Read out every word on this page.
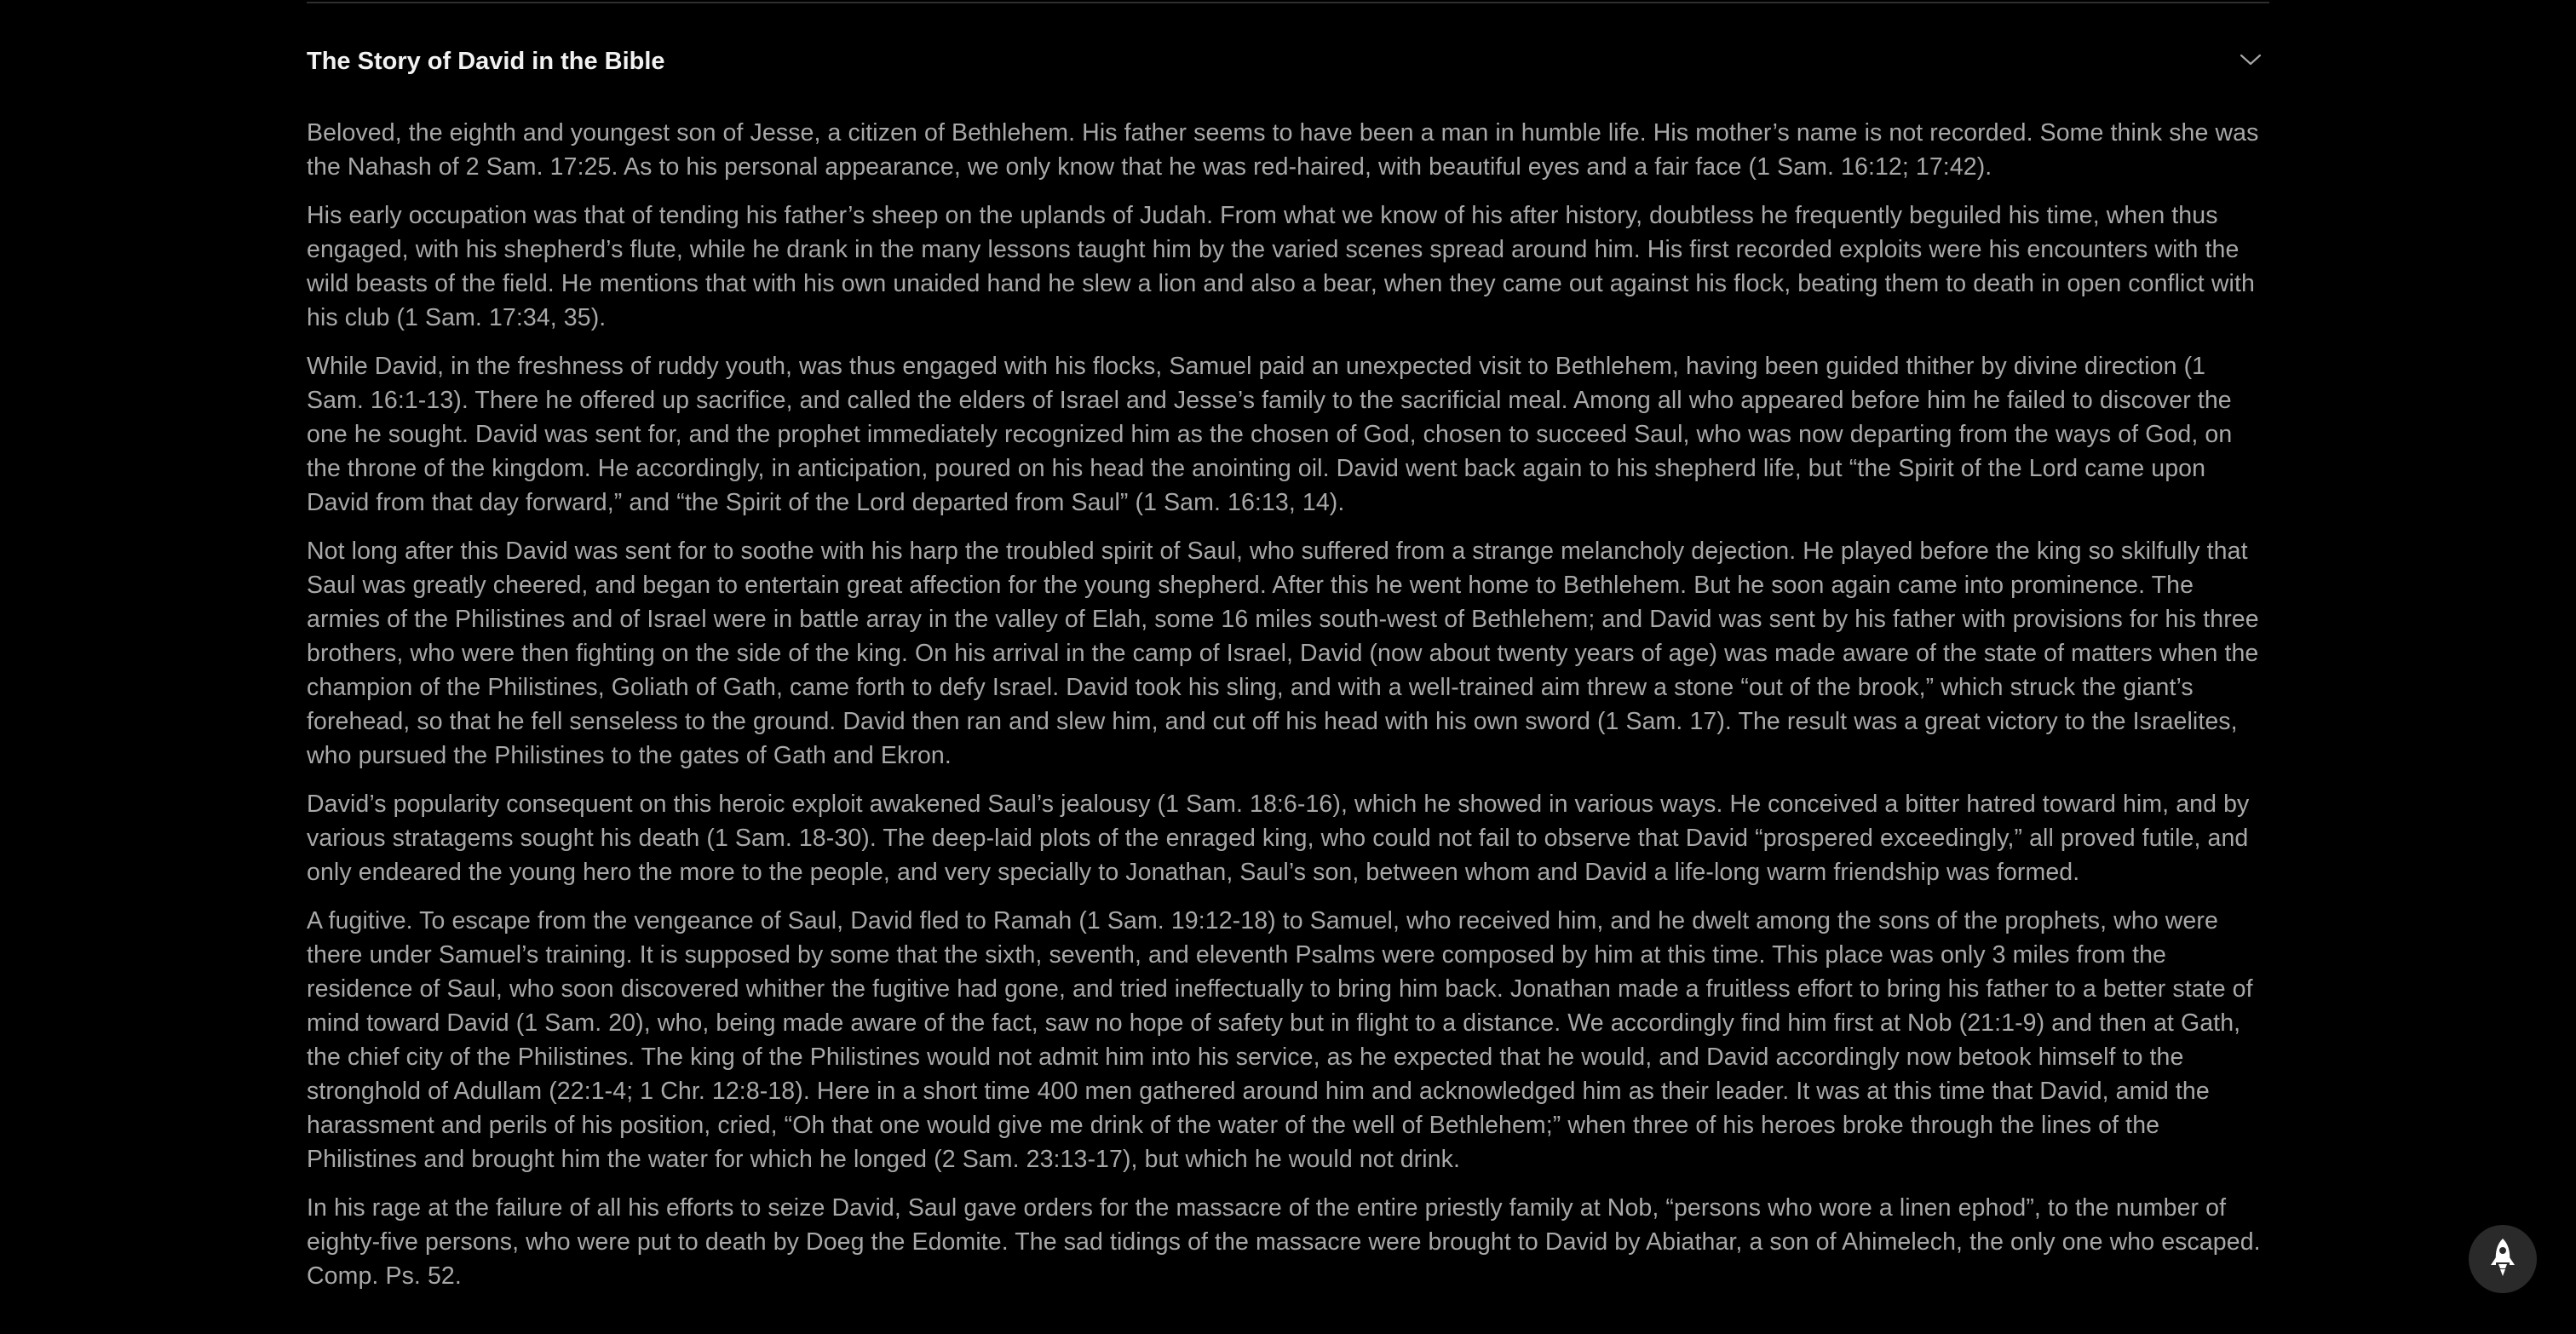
The Story of David in the Bible

Beloved, the eighth and youngest son of Jesse, a citizen of Bethlehem. His father seems to have been a man in humble life. His mother’s name is not recorded. Some think she was the Nahash of 2 Sam. 17:25. As to his personal appearance, we only know that he was red-haired, with beautiful eyes and a fair face (1 Sam. 16:12; 17:42).

His early occupation was that of tending his father’s sheep on the uplands of Judah. From what we know of his after history, doubtless he frequently beguiled his time, when thus engaged, with his shepherd’s flute, while he drank in the many lessons taught him by the varied scenes spread around him. His first recorded exploits were his encounters with the wild beasts of the field. He mentions that with his own unaided hand he slew a lion and also a bear, when they came out against his flock, beating them to death in open conflict with his club (1 Sam. 17:34, 35).

While David, in the freshness of ruddy youth, was thus engaged with his flocks, Samuel paid an unexpected visit to Bethlehem, having been guided thither by divine direction (1 Sam. 16:1-13). There he offered up sacrifice, and called the elders of Israel and Jesse’s family to the sacrificial meal. Among all who appeared before him he failed to discover the one he sought. David was sent for, and the prophet immediately recognized him as the chosen of God, chosen to succeed Saul, who was now departing from the ways of God, on the throne of the kingdom. He accordingly, in anticipation, poured on his head the anointing oil. David went back again to his shepherd life, but “the Spirit of the Lord came upon David from that day forward,” and “the Spirit of the Lord departed from Saul” (1 Sam. 16:13, 14).

Not long after this David was sent for to soothe with his harp the troubled spirit of Saul, who suffered from a strange melancholy dejection. He played before the king so skilfully that Saul was greatly cheered, and began to entertain great affection for the young shepherd. After this he went home to Bethlehem. But he soon again came into prominence. The armies of the Philistines and of Israel were in battle array in the valley of Elah, some 16 miles south-west of Bethlehem; and David was sent by his father with provisions for his three brothers, who were then fighting on the side of the king. On his arrival in the camp of Israel, David (now about twenty years of age) was made aware of the state of matters when the champion of the Philistines, Goliath of Gath, came forth to defy Israel. David took his sling, and with a well-trained aim threw a stone “out of the brook,” which struck the giant’s forehead, so that he fell senseless to the ground. David then ran and slew him, and cut off his head with his own sword (1 Sam. 17). The result was a great victory to the Israelites, who pursued the Philistines to the gates of Gath and Ekron.

David’s popularity consequent on this heroic exploit awakened Saul’s jealousy (1 Sam. 18:6-16), which he showed in various ways. He conceived a bitter hatred toward him, and by various stratagems sought his death (1 Sam. 18-30). The deep-laid plots of the enraged king, who could not fail to observe that David “prospered exceedingly,” all proved futile, and only endeared the young hero the more to the people, and very specially to Jonathan, Saul’s son, between whom and David a life-long warm friendship was formed.

A fugitive. To escape from the vengeance of Saul, David fled to Ramah (1 Sam. 19:12-18) to Samuel, who received him, and he dwelt among the sons of the prophets, who were there under Samuel’s training. It is supposed by some that the sixth, seventh, and eleventh Psalms were composed by him at this time. This place was only 3 miles from the residence of Saul, who soon discovered whither the fugitive had gone, and tried ineffectually to bring him back. Jonathan made a fruitless effort to bring his father to a better state of mind toward David (1 Sam. 20), who, being made aware of the fact, saw no hope of safety but in flight to a distance. We accordingly find him first at Nob (21:1-9) and then at Gath, the chief city of the Philistines. The king of the Philistines would not admit him into his service, as he expected that he would, and David accordingly now betook himself to the stronghold of Adullam (22:1-4; 1 Chr. 12:8-18). Here in a short time 400 men gathered around him and acknowledged him as their leader. It was at this time that David, amid the harassment and perils of his position, cried, “Oh that one would give me drink of the water of the well of Bethlehem;” when three of his heroes broke through the lines of the Philistines and brought him the water for which he longed (2 Sam. 23:13-17), but which he would not drink.

In his rage at the failure of all his efforts to seize David, Saul gave orders for the massacre of the entire priestly family at Nob, “persons who wore a linen ephod”, to the number of eighty-five persons, who were put to death by Doeg the Edomite. The sad tidings of the massacre were brought to David by Abiathar, a son of Ahimelech, the only one who escaped. Comp. Ps. 52.
